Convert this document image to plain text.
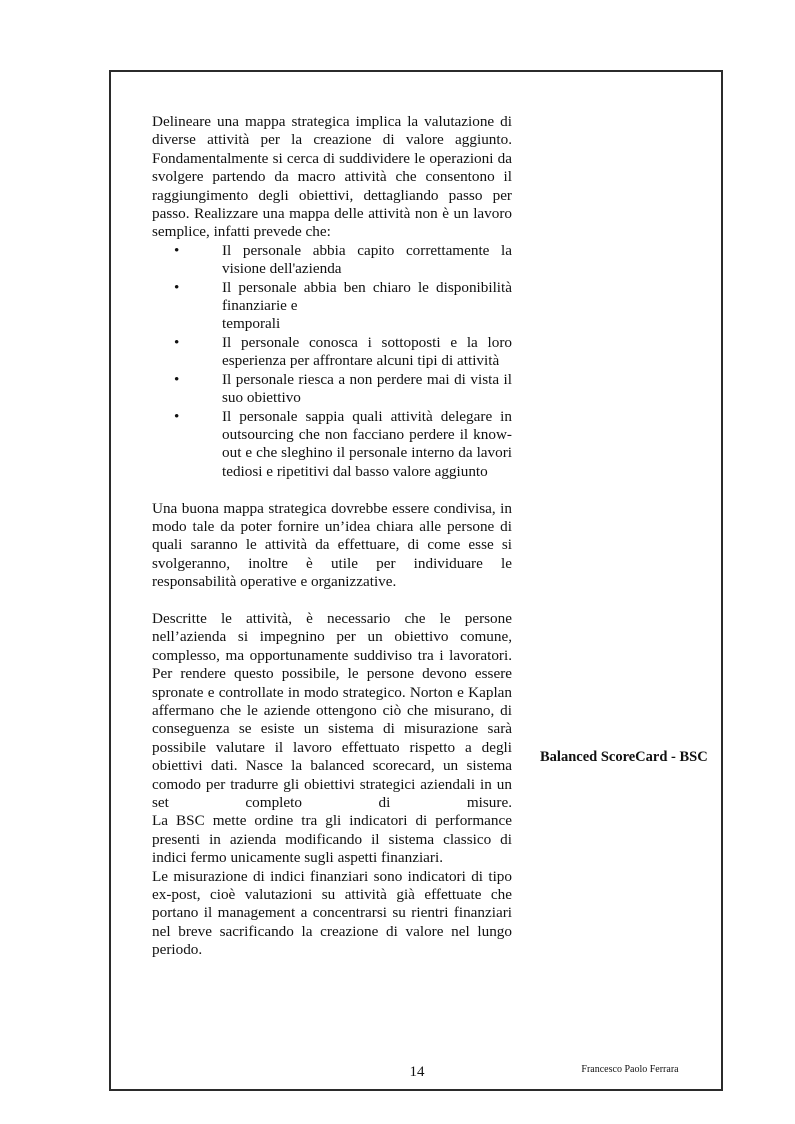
Delineare una mappa strategica implica la valutazione di diverse attività per la creazione di valore aggiunto. Fondamentalmente si cerca di suddividere le operazioni da svolgere partendo da macro attività che consentono il raggiungimento degli obiettivi, dettagliando passo per passo. Realizzare una mappa delle attività non è un lavoro semplice, infatti prevede che:

•	Il personale abbia capito correttamente la visione dell'azienda
•	Il personale abbia ben chiaro le disponibilità finanziarie e
temporali
•	Il personale conosca i sottoposti e la loro esperienza per affrontare alcuni tipi di attività
•	Il personale riesca a non perdere mai di vista il suo obiettivo
•	Il personale sappia quali attività delegare in outsourcing che non facciano perdere il know-out e che sleghino il personale interno da lavori tediosi e ripetitivi dal basso valore aggiunto

Una buona mappa strategica dovrebbe essere condivisa, in modo tale da poter fornire un’idea chiara alle persone di quali saranno le attività da effettuare, di come esse si svolgeranno, inoltre è utile per individuare le responsabilità operative e organizzative.

Descritte le attività, è necessario che le persone nell’azienda si impegnino per un obiettivo comune, complesso, ma opportunamente suddiviso tra i lavoratori. Per rendere questo possibile, le persone devono essere spronate e controllate in modo strategico. Norton e Kaplan affermano che le aziende ottengono ciò che misurano, di conseguenza se esiste un sistema di misurazione sarà possibile valutare il lavoro effettuato rispetto a degli obiettivi dati. Nasce la balanced scorecard, un sistema comodo per tradurre gli obiettivi strategici aziendali in un set completo di misure.

La BSC mette ordine tra gli indicatori di performance presenti in azienda modificando il sistema classico di indici fermo unicamente sugli aspetti finanziari.

Le misurazione di indici finanziari sono indicatori di tipo ex-post, cioè valutazioni su attività già effettuate che portano il management a concentrarsi su rientri finanziari nel breve sacrificando la creazione di valore nel lungo periodo.

Balanced ScoreCard - BSC
14	Francesco Paolo Ferrara
